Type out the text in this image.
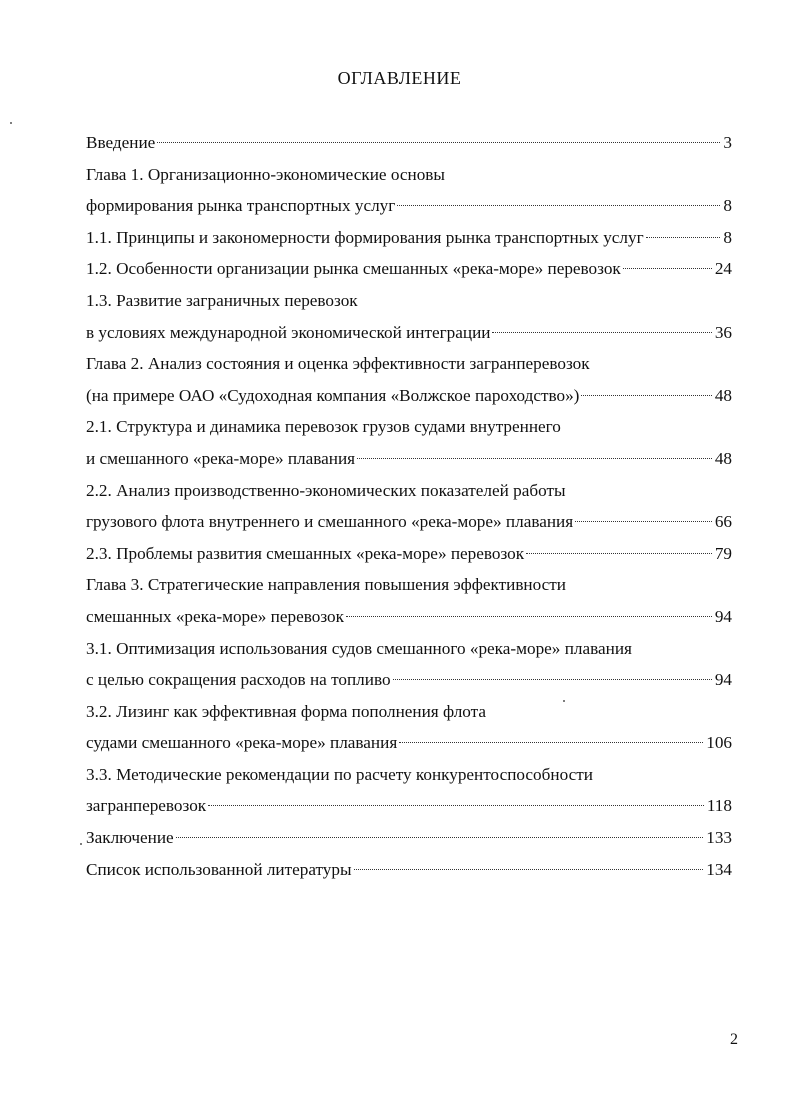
ОГЛАВЛЕНИЕ
Введение	3
Глава 1. Организационно-экономические основы
формирования рынка транспортных услуг	8
1.1. Принципы и закономерности формирования рынка транспортных услуг	8
1.2. Особенности организации рынка смешанных «река-море» перевозок	24
1.3. Развитие заграничных перевозок
в условиях международной экономической интеграции	36
Глава 2. Анализ состояния и оценка эффективности загранперевозок
(на примере ОАО «Судоходная компания «Волжское пароходство»)	48
2.1. Структура и динамика перевозок грузов судами внутреннего
и смешанного «река-море» плавания	48
2.2. Анализ производственно-экономических показателей работы
грузового флота внутреннего и смешанного «река-море» плавания	66
2.3. Проблемы развития смешанных «река-море» перевозок	79
Глава 3. Стратегические направления повышения эффективности
смешанных «река-море» перевозок	94
3.1. Оптимизация использования судов смешанного «река-море» плавания
с целью сокращения расходов на топливо	94
3.2. Лизинг как эффективная форма пополнения флота
судами смешанного «река-море» плавания	106
3.3. Методические рекомендации по расчету конкурентоспособности
загранперевозок	118
Заключение	133
Список использованной литературы	134
2
